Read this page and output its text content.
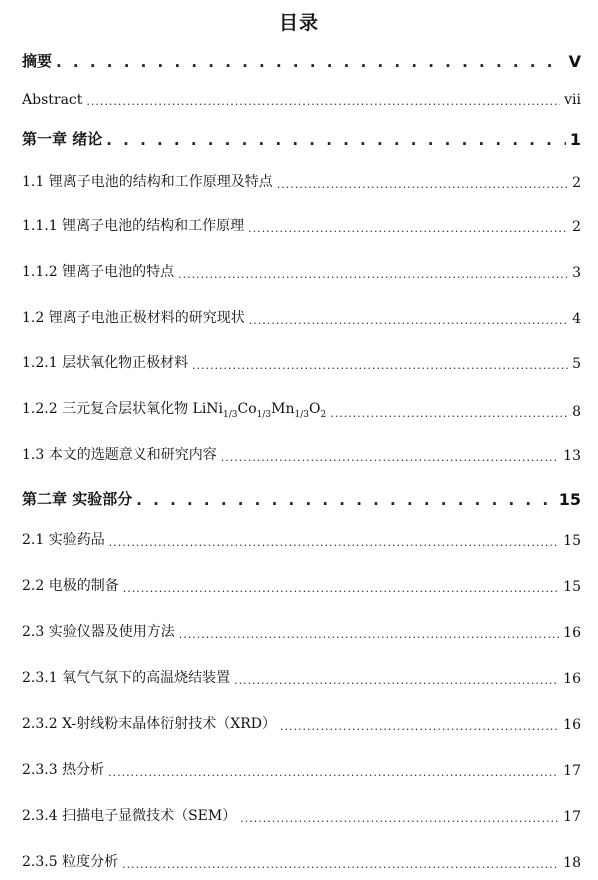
目录
摘要 . . .	V
Abstract .....	vii
第一章 绪论 . . .	1
1.1 锂离子电池的结构和工作原理及特点 .....	2
1.1.1 锂离子电池的结构和工作原理 .....	2
1.1.2 锂离子电池的特点 .....	3
1.2 锂离子电池正极材料的研究现状 .....	4
1.2.1 层状氧化物正极材料 .....	5
1.2.2 三元复合层状氧化物 $LiNi_{1/3}Co_{1/3}Mn_{1/3}O_2$ .....	8
1.3 本文的选题意义和研究内容 .....	13
第二章 实验部分 . . .	15
2.1 实验药品 .....	15
2.2 电极的制备 .....	15
2.3 实验仪器及使用方法 .....	16
2.3.1 氧气气氛下的高温烧结装置 .....	16
2.3.2 X-射线粉末晶体衍射技术（XRD） .....	16
2.3.3 热分析 .....	17
2.3.4 扫描电子显微技术（SEM） .....	17
2.3.5 粒度分析 .....	18
